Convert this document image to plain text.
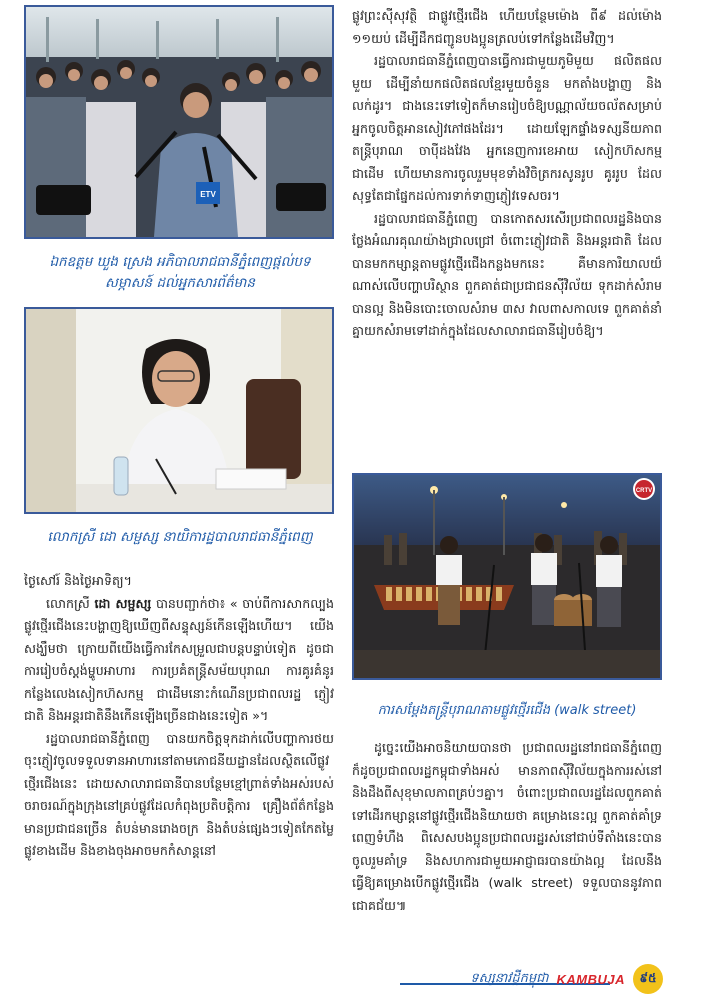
ETV
ឯកឧត្តម ឃួង ស្រេង អភិបាលរាជធានីភ្នំពេញផ្ដល់បទ
សម្ភាសន៍ ដល់អ្នកសារព័ត៌មាន
លោកស្រី ដោ សម្ផស្ស នាយិការដ្ឋបាលរាជធានីភ្នំពេញ

ថ្ងៃសៅរ៍ និងថ្ងៃអាទិត្យ។

លោកស្រី ដោ សម្ផស្ស បានបញ្ជាក់ថា៖ « ចាប់ពីការសាកល្បងផ្លូវថ្មើរជើងនេះបង្ហាញឱ្យឃើញពីសន្ទុស្សន៍កើនឡើងហើយ។ យើងសង្ឃឹមថា ក្រោយពីយើងធ្វើការកែសម្រួលជាបន្តបន្ទាប់ទៀត ដូចជាការរៀបចំស្តង់ម្ហូបអាហារ ការប្រគំតន្ត្រីសម័យបុរាណ ការគូរគំនូរ កន្លែងលេងសៀកហ៊សកម្ម ជាដើមនោះកំណើនប្រជាពលរដ្ឋ ភ្ញៀវជាតិ និងអន្តរជាតិនឹងកើនឡើងច្រើនជាងនេះទៀត »។

រដ្ឋបាលរាជធានីភ្នំពេញ បានយកចិត្តទុកដាក់លើបញ្ហាការថយចុះភ្ញៀវចូលទទួលទានអាហារនៅតាមភោជនីយដ្ឋានដែលស្ថិតលើផ្លូវថ្មើរជើងនេះ ដោយសាលារាជធានីបានបន្ថែមខ្មៅព្រាត់ទាំងអស់របស់ចរាចរណ៍ក្នុងក្រុងនៅគ្រប់ផ្លូវដែលកំពុងប្រតិបត្តិការ គ្រឿងព័ត៌កន្លែងមានប្រជាជនច្រើន តំបន់មានរោងចក្រ និងតំបន់ផ្សេងៗទៀតកែតម្លៃផ្លូវខាងដើម និងខាងចុងអាចមកកំសាន្តនៅ

ផ្លូវព្រះស៊ីសុវត្ថិ ជាផ្លូវថ្មើរជើង ហើយបន្ថែមម៉ោង ពី៩ ដល់ម៉ោង ១១យប់ ដើម្បីដឹកជញ្ជូនបងប្អូនត្រលប់ទៅកន្លែងដើមវិញ។

រដ្ឋបាលរាជធានីភ្នំពេញបានធ្វើការជាមួយភូមិមួយ ផលិតផលមួយ ដើម្បីនាំយកផលិតផលខ្មែរមួយចំនួន មកតាំងបង្ហាញ និងលក់ដូរ។ ជាងនេះទៅទៀតក៏មានរៀបចំឱ្យបណ្ណាល័យចល័តសម្រាប់អ្នកចូលចិត្តអានសៀវភៅផងដែរ។ ដោយឡែកផ្ទាំងទស្សនីយភាពតន្ត្រីបុរាណ ចាប៉ីដងវែង អ្នកនេញការខេអាយ សៀកហ៊សកម្ម ជាដើម ហើយមានការចូលរួមមុខទាំងវិចិត្រករសូនរូប គូររូប ដែលសុទ្ធតែជាផ្នែកដល់ការទាក់ទាញភ្ញៀវទេសចរ។

រដ្ឋបាលរាជធានីភ្នំពេញ បានកោតសរសើរប្រជាពលរដ្ឋនិងបានថ្លែងអំណរគុណយ៉ាងជ្រាលជ្រៅ ចំពោះភ្ញៀវជាតិ និងអន្តរជាតិ ដែលបានមកកម្សាន្តតាមផ្លូវថ្មើរជើងកន្លងមកនេះ គឺមានការិយាលយ៏ណាស់លើបញ្ហាបរិស្ថាន ពួកគាត់ជាប្រជាជនស៊ីវិល័យ ទុកដាក់សំរាមបានល្អ និងមិនបោះចោលសំរាម ៣ស វាលពាសកាលទេ ពួកគាត់នាំគ្នាយកសំរាមទៅដាក់ក្នុងដែលសាលារាជធានីរៀបចំឱ្យ។

CRTV
ការសម្ដែងតន្ត្រីបុរាណតាមផ្លូវថ្មើរជើង (walk street)

ដូច្នេះយើងអាចនិយាយបានថា ប្រជាពលរដ្ឋនៅរាជធានីភ្នំពេញ ក៏ដូចប្រជាពលរដ្ឋកម្ពុជាទាំងអស់ មានភាពស៊ីវិល័យក្នុងការរស់នៅ និងដឹងពីសុខុមាលភាពគ្រប់ៗគ្នា។ ចំពោះប្រជាពលរដ្ឋដែលពួកគាត់ទៅដើរកម្សាន្តនៅផ្លូវថ្មើរជើងនិយាយថា គម្រោងនេះល្អ ពួកគាត់គាំទ្រពេញទំហឹង ពិសេសបងប្អូនប្រជាពលរដ្ឋរស់នៅជាប់ទីតាំងនេះបានចូលរួមគាំទ្រ និងសហការជាមួយអាជ្ញាធរបានយ៉ាងល្អ ដែលនឹងធ្វើឱ្យគម្រោងបើកផ្លូវថ្មើរជើង (walk street) ទទួលបាននូវភាពជោគជ័យ៕

ទស្សនាវដ្ដីកម្ពុជា KAMBUJA	៩៥
